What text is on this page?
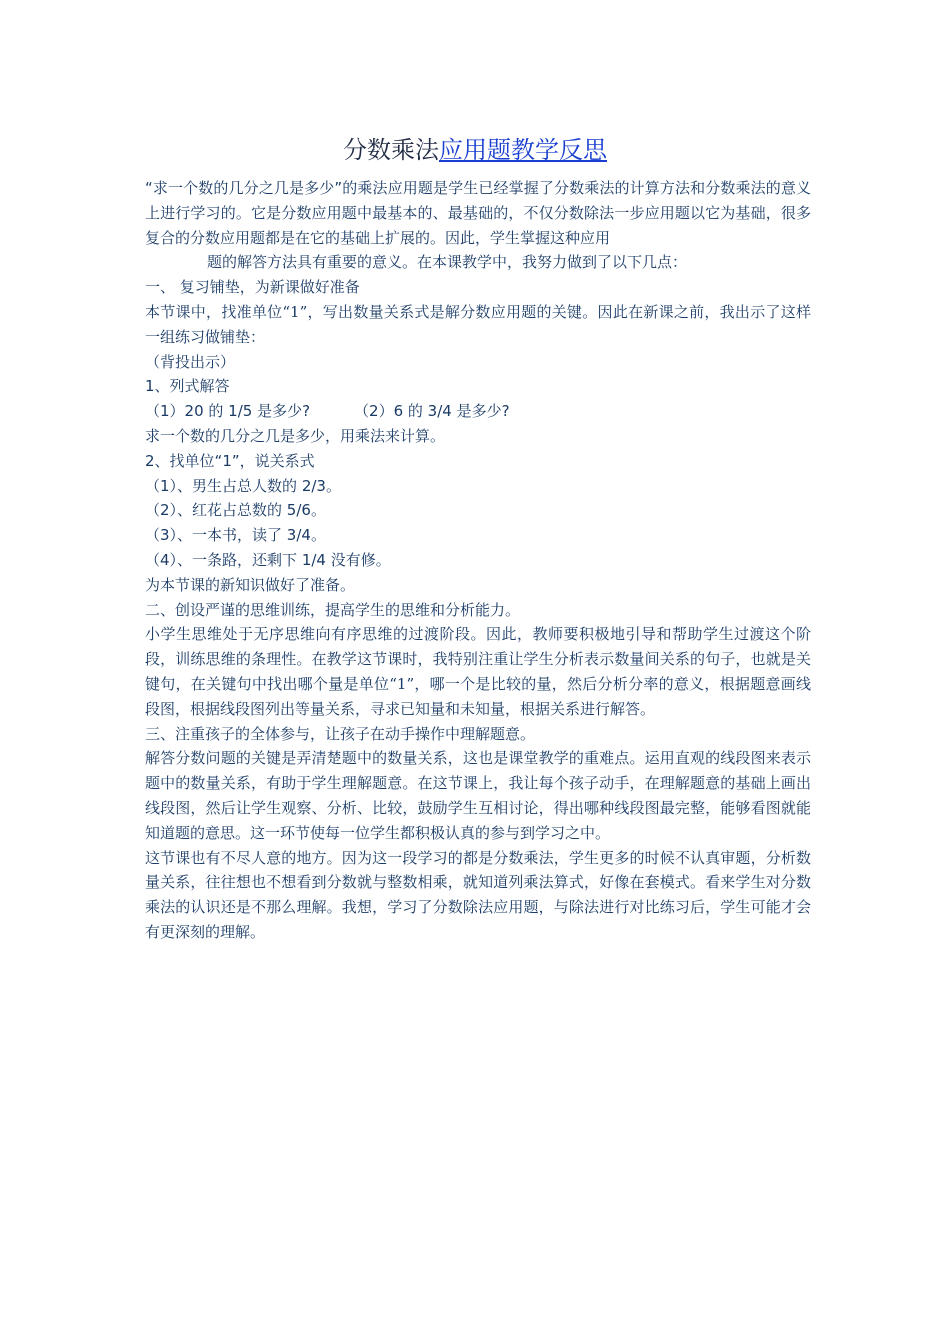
分数乘法应用题教学反思

“求一个数的几分之几是多少”的乘法应用题是学生已经掌握了分数乘法的计算方法和分数乘法的意义上进行学习的。它是分数应用题中最基本的、最基础的，不仅分数除法一步应用题以它为基础，很多复合的分数应用题都是在它的基础上扩展的。因此，学生掌握这种应用

题的解答方法具有重要的意义。在本课教学中，我努力做到了以下几点：

一、 复习铺垫，为新课做好准备

本节课中，找准单位“1”，写出数量关系式是解分数应用题的关键。因此在新课之前，我出示了这样一组练习做铺垫：

（背投出示）

1、列式解答

（1）20 的 1/5 是多少?	（2）6 的 3/4 是多少?

求一个数的几分之几是多少，用乘法来计算。

2、找单位“1”，说关系式

（1）、男生占总人数的 2/3。

（2）、红花占总数的 5/6。

（3）、一本书，读了 3/4。

（4）、一条路，还剩下 1/4 没有修。

为本节课的新知识做好了准备。

二、创设严谨的思维训练，提高学生的思维和分析能力。

小学生思维处于无序思维向有序思维的过渡阶段。因此，教师要积极地引导和帮助学生过渡这个阶段，训练思维的条理性。在教学这节课时，我特别注重让学生分析表示数量间关系的句子，也就是关键句，在关键句中找出哪个量是单位“1”，哪一个是比较的量，然后分析分率的意义，根据题意画线段图，根据线段图列出等量关系，寻求已知量和未知量，根据关系进行解答。

三、注重孩子的全体参与，让孩子在动手操作中理解题意。

解答分数问题的关键是弄清楚题中的数量关系，这也是课堂教学的重难点。运用直观的线段图来表示题中的数量关系，有助于学生理解题意。在这节课上，我让每个孩子动手，在理解题意的基础上画出线段图，然后让学生观察、分析、比较，鼓励学生互相讨论，得出哪种线段图最完整，能够看图就能知道题的意思。这一环节使每一位学生都积极认真的参与到学习之中。

这节课也有不尽人意的地方。因为这一段学习的都是分数乘法，学生更多的时候不认真审题，分析数量关系，往往想也不想看到分数就与整数相乘，就知道列乘法算式，好像在套模式。看来学生对分数乘法的认识还是不那么理解。我想，学习了分数除法应用题，与除法进行对比练习后，学生可能才会有更深刻的理解。
